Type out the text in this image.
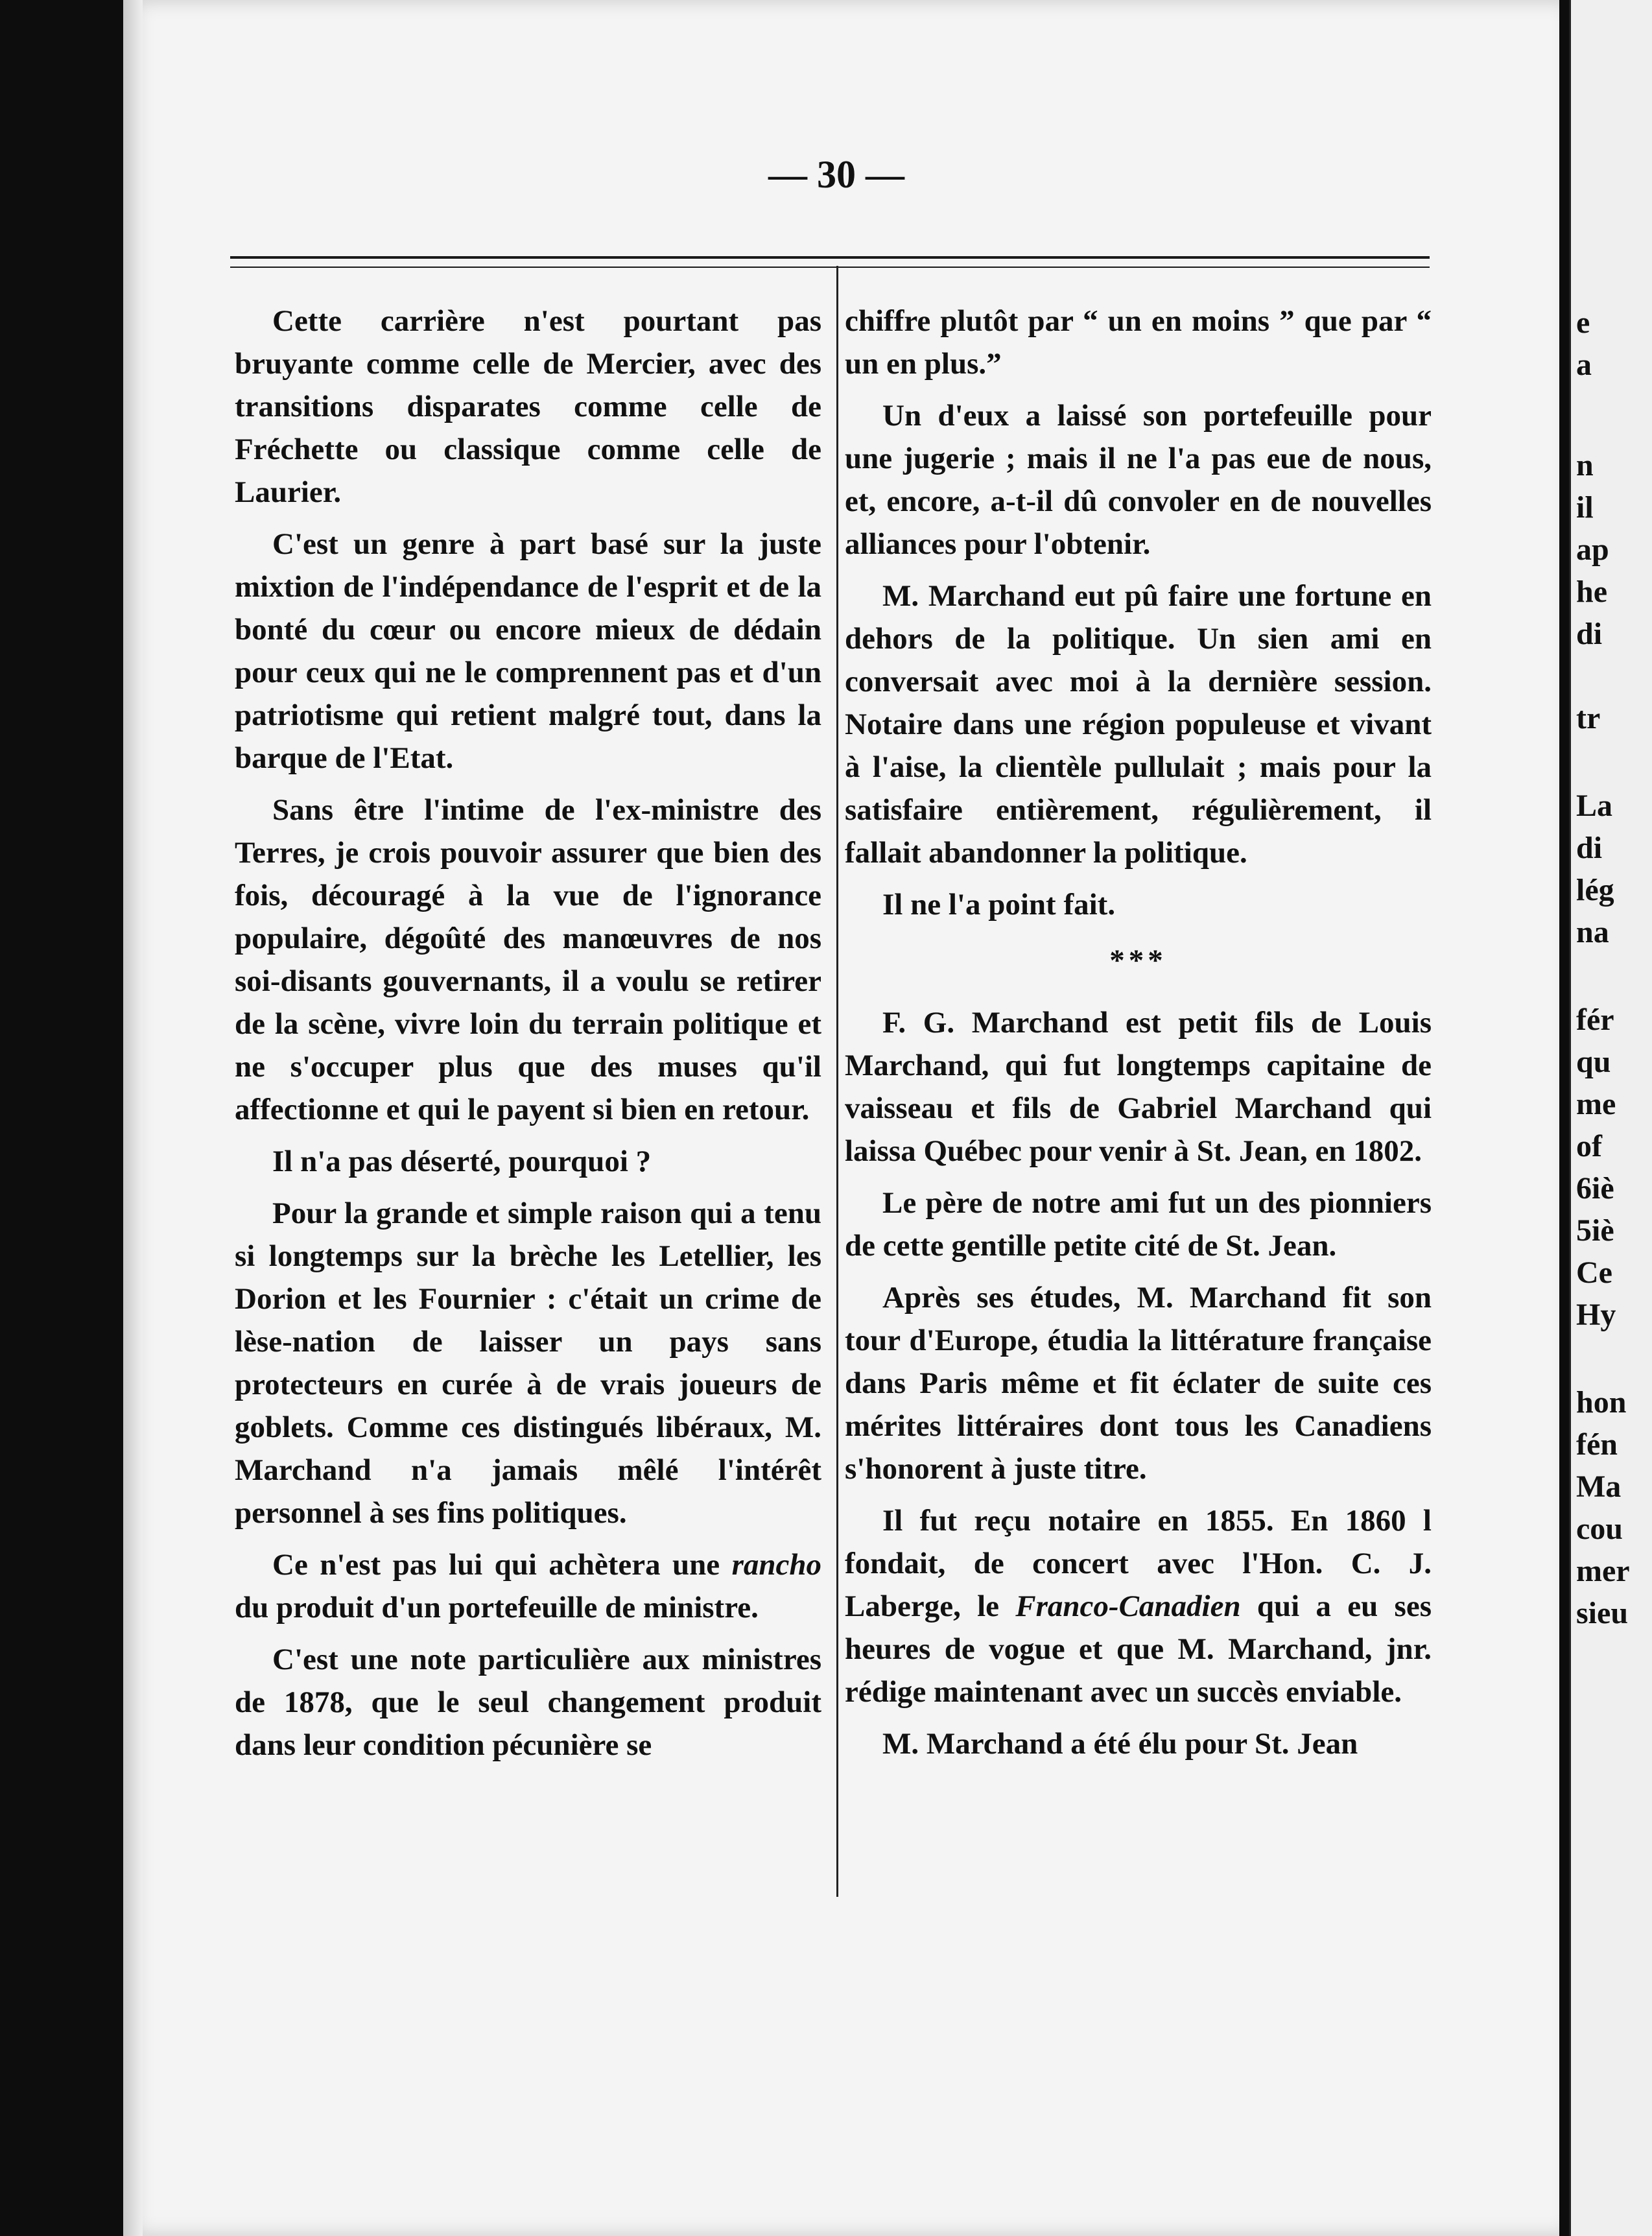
e
a
n
il
ap
he
di
tr
La
di
lég
na
fér
qu
me
of
6iè
5iè
Ce
Hy
hon
fén
Ma
cou
mer
sieu
— 30 —

Cette carrière n'est pourtant pas bruyante comme celle de Mercier, avec des transitions disparates comme celle de Fréchette ou classique comme celle de Laurier.

C'est un genre à part basé sur la juste mixtion de l'indépendance de l'esprit et de la bonté du cœur ou encore mieux de dédain pour ceux qui ne le comprennent pas et d'un patriotisme qui retient malgré tout, dans la barque de l'Etat.

Sans être l'intime de l'ex-ministre des Terres, je crois pouvoir assurer que bien des fois, découragé à la vue de l'ignorance populaire, dégoûté des manœuvres de nos soi-disants gouvernants, il a voulu se retirer de la scène, vivre loin du terrain politique et ne s'occuper plus que des muses qu'il affectionne et qui le payent si bien en retour.

Il n'a pas déserté, pourquoi ?

Pour la grande et simple raison qui a tenu si longtemps sur la brèche les Letellier, les Dorion et les Fournier : c'était un crime de lèse-nation de laisser un pays sans protecteurs en curée à de vrais joueurs de goblets. Comme ces distingués libéraux, M. Marchand n'a jamais mêlé l'intérêt personnel à ses fins politiques.

Ce n'est pas lui qui achètera une rancho du produit d'un portefeuille de ministre.

C'est une note particulière aux ministres de 1878, que le seul changement produit dans leur condition pécunière se

chiffre plutôt par “ un en moins ” que par “ un en plus.”

Un d'eux a laissé son portefeuille pour une jugerie ; mais il ne l'a pas eue de nous, et, encore, a-t-il dû convoler en de nouvelles alliances pour l'obtenir.

M. Marchand eut pû faire une fortune en dehors de la politique. Un sien ami en conversait avec moi à la dernière session. Notaire dans une région populeuse et vivant à l'aise, la clientèle pullulait ; mais pour la satisfaire entièrement, régulièrement, il fallait abandonner la politique.

Il ne l'a point fait.

***

F. G. Marchand est petit fils de Louis Marchand, qui fut longtemps capitaine de vaisseau et fils de Gabriel Marchand qui laissa Québec pour venir à St. Jean, en 1802.

Le père de notre ami fut un des pionniers de cette gentille petite cité de St. Jean.

Après ses études, M. Marchand fit son tour d'Europe, étudia la littérature française dans Paris même et fit éclater de suite ces mérites littéraires dont tous les Canadiens s'honorent à juste titre.

Il fut reçu notaire en 1855. En 1860 l fondait, de concert avec l'Hon. C. J. Laberge, le Franco-Canadien qui a eu ses heures de vogue et que M. Marchand, jnr. rédige maintenant avec un succès enviable.

M. Marchand a été élu pour St. Jean
